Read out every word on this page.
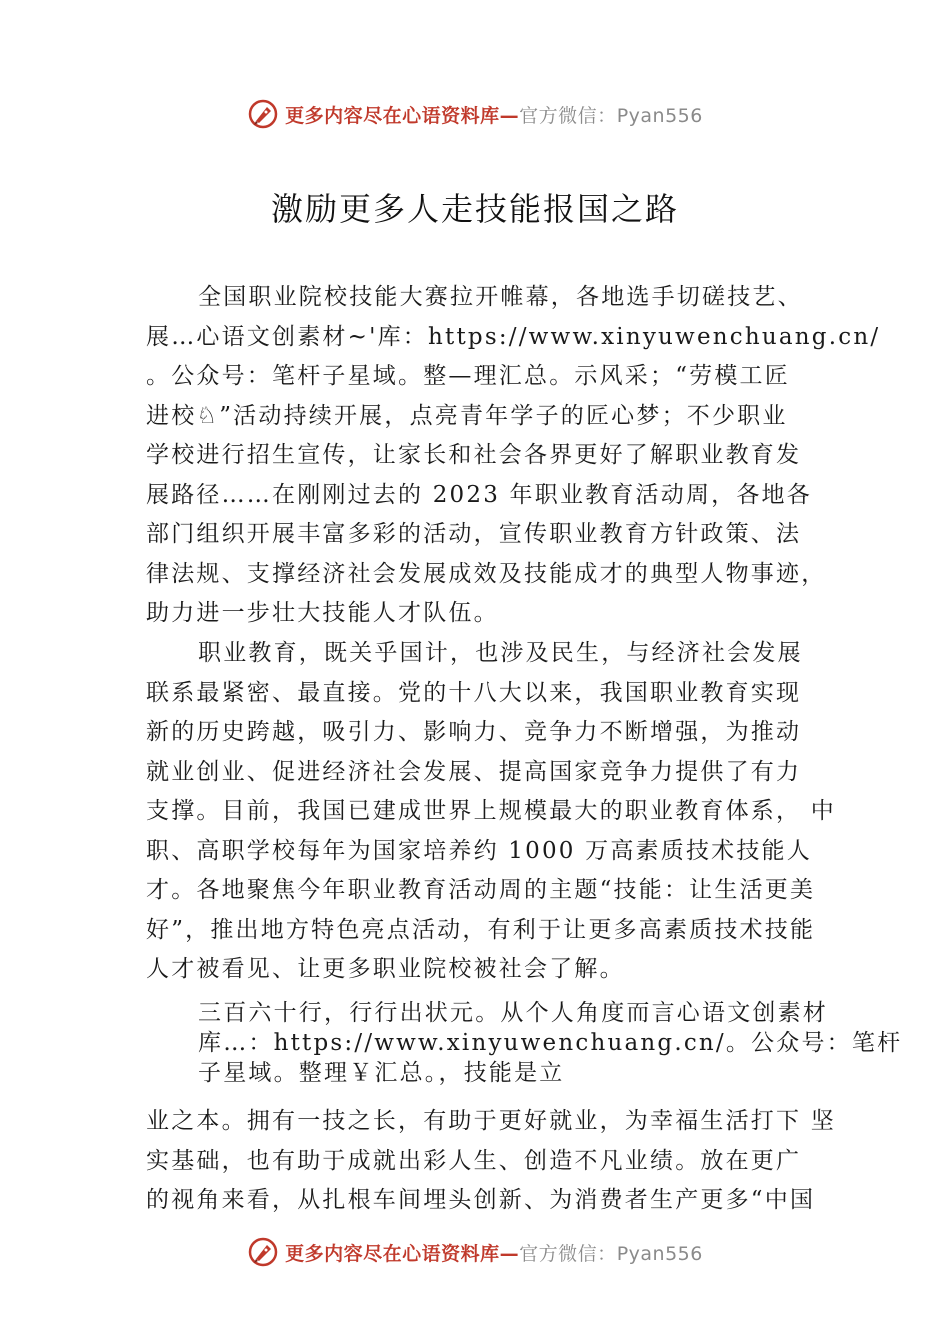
更多内容尽在心语资料库—官方微信：Pyan556
激励更多人走技能报国之路
全国职业院校技能大赛拉开帷幕，各地选手切磋技艺、
展…心语文创素材~'库：https://www.xinyuwenchuang.cn/
。公众号：笔杆子星域。整—理汇总。示风采；“劳模工匠
进校♘”活动持续开展，点亮青年学子的匠心梦；不少职业
学校进行招生宣传，让家长和社会各界更好了解职业教育发
展路径……在刚刚过去的 2023 年职业教育活动周，各地各
部门组织开展丰富多彩的活动，宣传职业教育方针政策、法
律法规、支撑经济社会发展成效及技能成才的典型人物事迹，
助力进一步壮大技能人才队伍。
职业教育，既关乎国计，也涉及民生，与经济社会发展
联系最紧密、最直接。党的十八大以来，我国职业教育实现
新的历史跨越，吸引力、影响力、竞争力不断增强，为推动
就业创业、促进经济社会发展、提高国家竞争力提供了有力
支撑。目前，我国已建成世界上规模最大的职业教育体系， 中
职、高职学校每年为国家培养约 1000 万高素质技术技能人
才。各地聚焦今年职业教育活动周的主题“技能：让生活更美
好”，推出地方特色亮点活动，有利于让更多高素质技术技能
人才被看见、让更多职业院校被社会了解。
三百六十行，行行出状元。从个人角度而言心语文创素材
库…：https://www.xinyuwenchuang.cn/。公众号：笔杆
子星域。整理￥汇总。，技能是立
业之本。拥有一技之长，有助于更好就业，为幸福生活打下 坚
实基础，也有助于成就出彩人生、创造不凡业绩。放在更广
的视角来看，从扎根车间埋头创新、为消费者生产更多“中国
更多内容尽在心语资料库—官方微信：Pyan556
